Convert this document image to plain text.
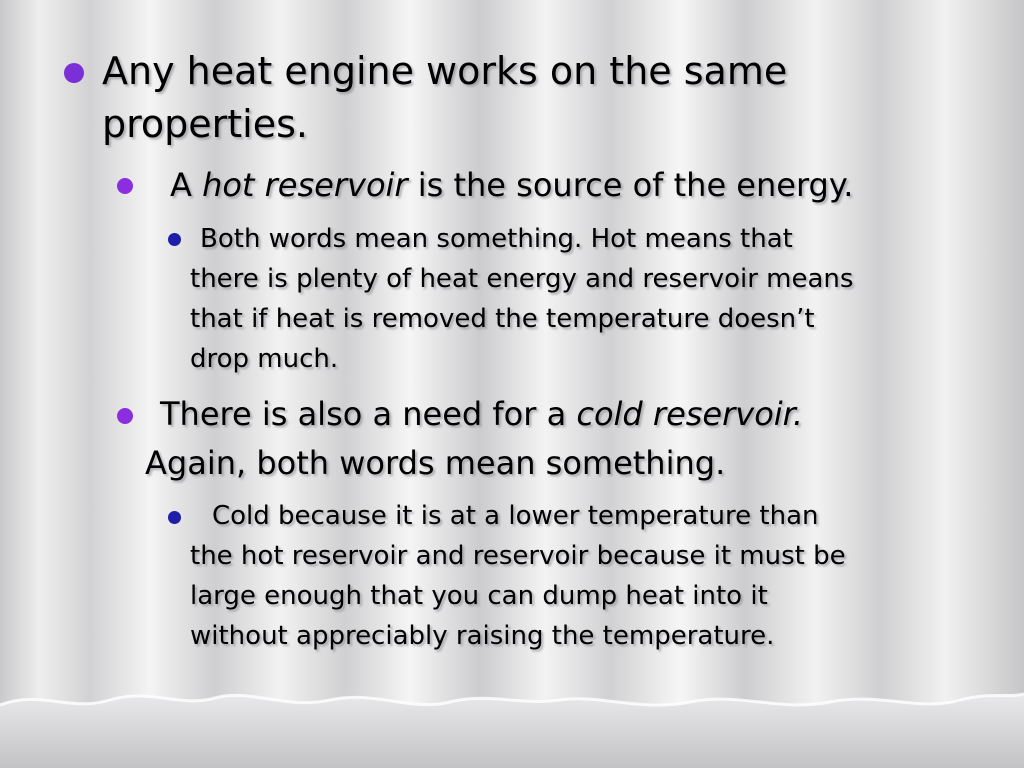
Any heat engine works on the same
properties.
A hot reservoir is the source of the energy.
Both words mean something. Hot means that
there is plenty of heat energy and reservoir means
that if heat is removed the temperature doesn’t
drop much.
There is also a need for a cold reservoir.
Again, both words mean something.
Cold because it is at a lower temperature than
the hot reservoir and reservoir because it must be
large enough that you can dump heat into it
without appreciably raising the temperature.
